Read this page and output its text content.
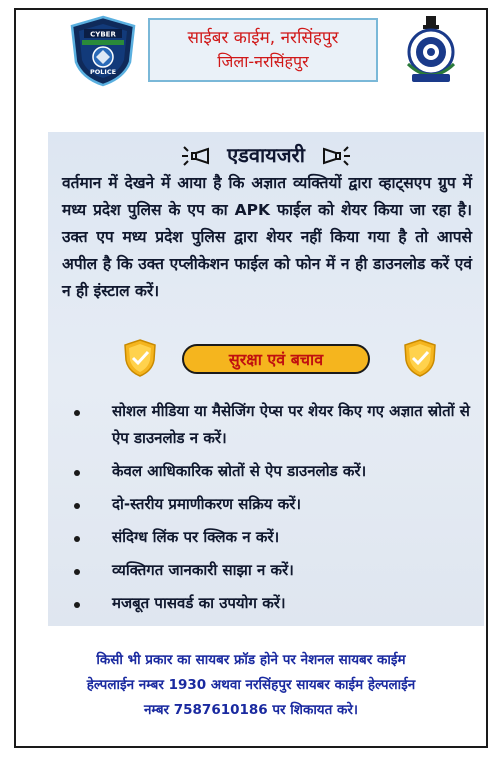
CYBER
POLICE
साईबर काईम, नरसिंहपुर
जिला-नरसिंहपुर
एडवायजरी

वर्तमान में देखने में आया है कि अज्ञात व्यक्तियों द्वारा व्हाट्सएप ग्रुप में मध्य प्रदेश पुलिस के एप का APK फाईल को शेयर किया जा रहा है। उक्त एप मध्य प्रदेश पुलिस द्वारा शेयर नहीं किया गया है तो आपसे अपील है कि उक्त एप्लीकेशन फाईल को फोन में न ही डाउनलोड करें एवं न ही इंस्टाल करें।

सुरक्षा एवं बचाव
सोशल मीडिया या मैसेजिंग ऐप्स पर शेयर किए गए अज्ञात स्रोतों से ऐप डाउनलोड न करें।
केवल आधिकारिक स्रोतों से ऐप डाउनलोड करें।
दो-स्तरीय प्रमाणीकरण सक्रिय करें।
संदिग्ध लिंक पर क्लिक न करें।
व्यक्तिगत जानकारी साझा न करें।
मजबूत पासवर्ड का उपयोग करें।
किसी भी प्रकार का सायबर फ्रॉड होने पर नेशनल सायबर काईम
हेल्पलाईन नम्बर 1930 अथवा नरसिंहपुर सायबर काईम हेल्पलाईन
नम्बर 7587610186 पर शिकायत करे।
